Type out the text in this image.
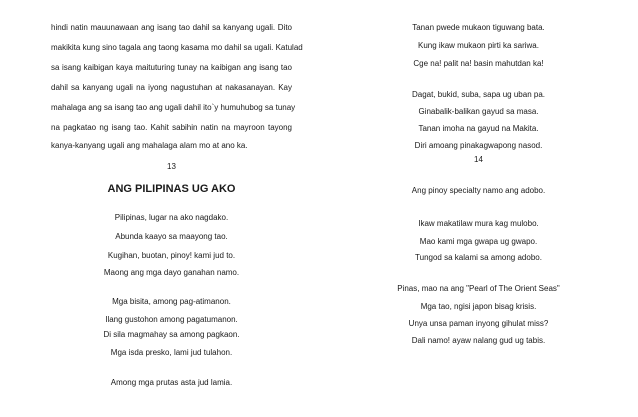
hindi natin mauunawaan ang isang tao dahil sa kanyang ugali. Dito

makikita kung sino tagala ang taong kasama mo dahil sa ugali. Katulad

sa isang kaibigan kaya maituturing tunay na kaibigan ang isang tao

dahil sa kanyang ugali na iyong nagustuhan at nakasanayan. Kay

mahalaga ang sa isang tao ang ugali dahil ito`y humuhubog sa tunay

na pagkatao ng isang tao. Kahit sabihin natin na mayroon tayong

kanya-kanyang ugali ang mahalaga alam mo at ano ka.

13

ANG PILIPINAS UG AKO

Pilipinas, lugar na ako nagdako.

Abunda kaayo sa maayong tao.

Kugihan, buotan, pinoy! kami jud to.

Maong ang mga dayo ganahan namo.

Mga bisita, among pag-atimanon.

Ilang gustohon among pagatumanon.

Di sila magmahay sa among pagkaon.

Mga isda presko, lami jud tulahon.

Among mga prutas asta jud lamia.

Tanan pwede mukaon tiguwang bata.

Kung ikaw mukaon pirti ka sariwa.

Cge na! palit na! basin mahutdan ka!

Dagat, bukid, suba, sapa ug uban pa.

Ginabalik-balikan gayud sa masa.

Tanan imoha na gayud na Makita.

Diri amoang pinakagwapong nasod.

14

Ang pinoy specialty namo ang adobo.

Ikaw makatilaw mura kag mulobo.

Mao kami mga gwapa ug gwapo.

Tungod sa kalami sa among adobo.

Pinas, mao na ang "Pearl of The Orient Seas"

Mga tao, ngisi japon bisag krisis.

Unya unsa paman inyong gihulat miss?

Dali namo! ayaw nalang gud ug tabis.
